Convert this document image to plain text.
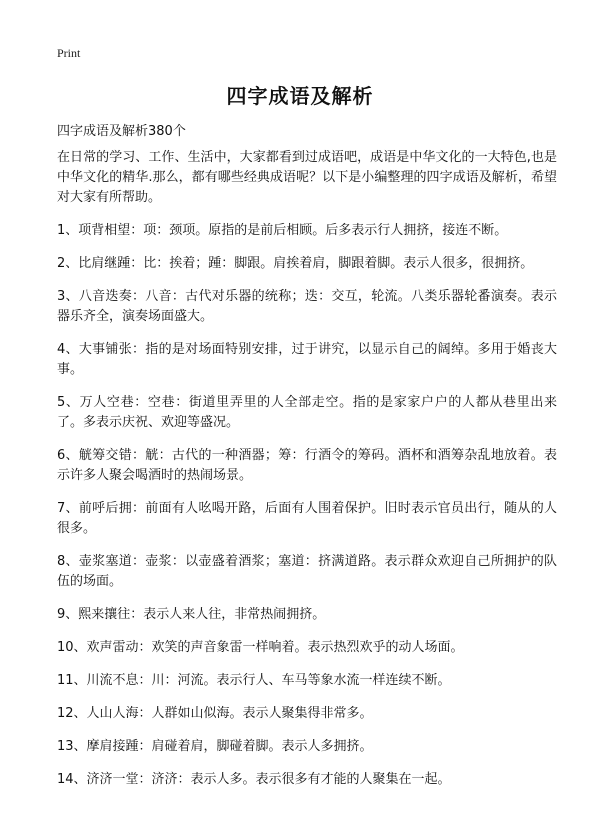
Print
四字成语及解析
四字成语及解析380个

在日常的学习、工作、生活中，大家都看到过成语吧，成语是中华文化的一大特色,也是中华文化的精华.那么，都有哪些经典成语呢？以下是小编整理的四字成语及解析，希望对大家有所帮助。

1、项背相望：项：颈项。原指的是前后相顾。后多表示行人拥挤，接连不断。

2、比肩继踵：比：挨着；踵：脚跟。肩挨着肩，脚跟着脚。表示人很多，很拥挤。

3、八音迭奏：八音：古代对乐器的统称；迭：交互，轮流。八类乐器轮番演奏。表示器乐齐全，演奏场面盛大。

4、大事铺张：指的是对场面特别安排，过于讲究，以显示自己的阔绰。多用于婚丧大事。

5、万人空巷：空巷：街道里弄里的人全部走空。指的是家家户户的人都从巷里出来了。多表示庆祝、欢迎等盛况。

6、觥筹交错：觥：古代的一种酒器；筹：行酒令的筹码。酒杯和酒筹杂乱地放着。表示许多人聚会喝酒时的热闹场景。

7、前呼后拥：前面有人吆喝开路，后面有人围着保护。旧时表示官员出行，随从的人很多。

8、壶浆塞道：壶浆：以壶盛着酒浆；塞道：挤满道路。表示群众欢迎自己所拥护的队伍的场面。

9、熙来攘往：表示人来人往，非常热闹拥挤。

10、欢声雷动：欢笑的声音象雷一样响着。表示热烈欢乎的动人场面。

11、川流不息：川：河流。表示行人、车马等象水流一样连续不断。

12、人山人海：人群如山似海。表示人聚集得非常多。

13、摩肩接踵：肩碰着肩，脚碰着脚。表示人多拥挤。

14、济济一堂：济济：表示人多。表示很多有才能的人聚集在一起。
